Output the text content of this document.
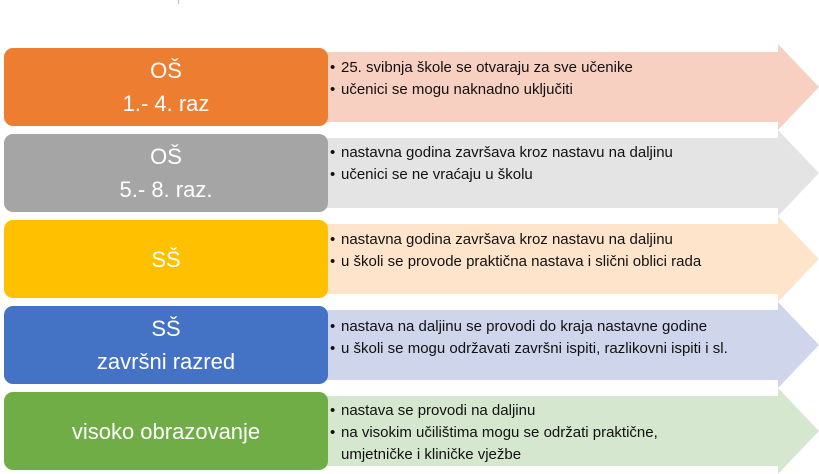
OŠ
1.- 4. raz
• 25. svibnja škole se otvaraju za sve učenike
• učenici se mogu naknadno uključiti
OŠ
5.- 8. raz.
• nastavna godina završava kroz nastavu na daljinu
• učenici se ne vraćaju u školu
SŠ
• nastavna godina završava kroz nastavu na daljinu
• u školi se provode praktična nastava i slični oblici rada
SŠ
završni razred
• nastava na daljinu se provodi do kraja nastavne godine
• u školi se mogu održavati završni ispiti, razlikovni ispiti i sl.
visoko obrazovanje
• nastava se provodi na daljinu
• na visokim učilištima mogu se održati praktične, umjetničke i kliničke vježbe
